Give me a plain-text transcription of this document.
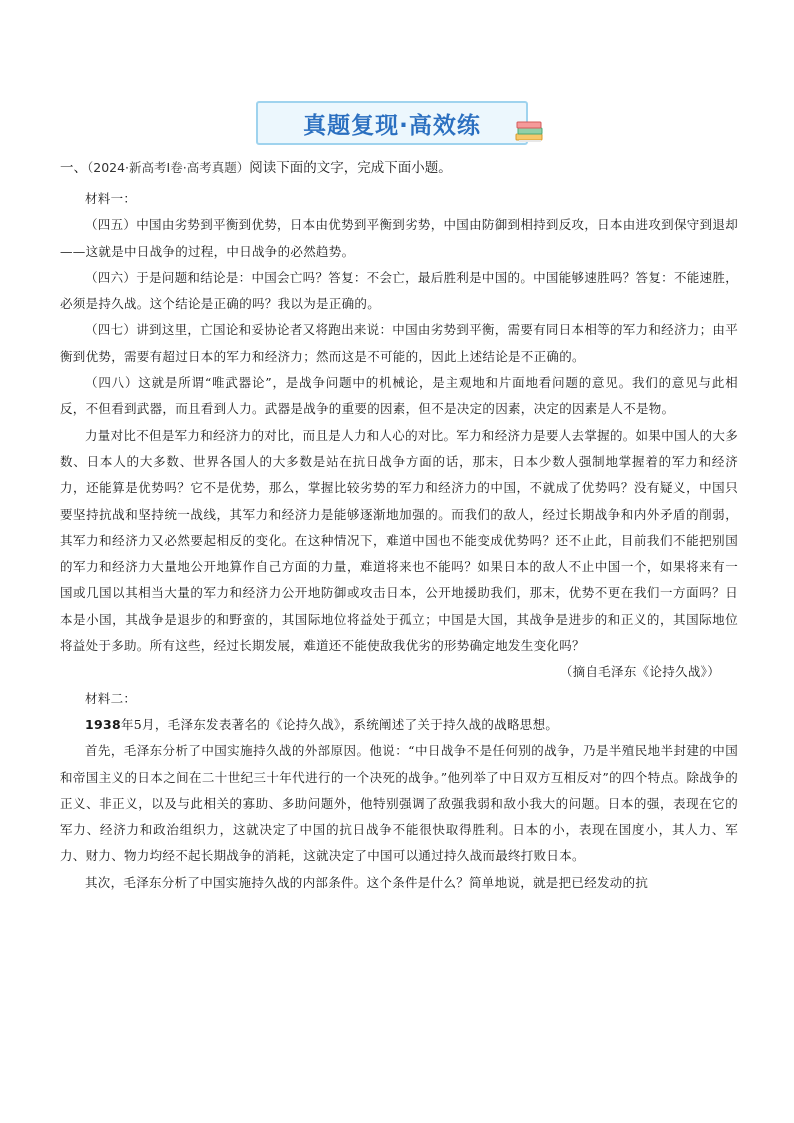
真题复现·高效练
一、（2024·新高考Ⅰ卷·高考真题）阅读下面的文字，完成下面小题。

材料一：

（四五）中国由劣势到平衡到优势，日本由优势到平衡到劣势，中国由防御到相持到反攻，日本由进攻到保守到退却——这就是中日战争的过程，中日战争的必然趋势。

（四六）于是问题和结论是：中国会亡吗？答复：不会亡，最后胜利是中国的。中国能够速胜吗？答复：不能速胜，必须是持久战。这个结论是正确的吗？我以为是正确的。

（四七）讲到这里，亡国论和妥协论者又将跑出来说：中国由劣势到平衡，需要有同日本相等的军力和经济力；由平衡到优势，需要有超过日本的军力和经济力；然而这是不可能的，因此上述结论是不正确的。

（四八）这就是所谓“唯武器论”，是战争问题中的机械论，是主观地和片面地看问题的意见。我们的意见与此相反，不但看到武器，而且看到人力。武器是战争的重要的因素，但不是决定的因素，决定的因素是人不是物。

力量对比不但是军力和经济力的对比，而且是人力和人心的对比。军力和经济力是要人去掌握的。如果中国人的大多数、日本人的大多数、世界各国人的大多数是站在抗日战争方面的话，那末，日本少数人强制地掌握着的军力和经济力，还能算是优势吗？它不是优势，那么，掌握比较劣势的军力和经济力的中国，不就成了优势吗？没有疑义，中国只要坚持抗战和坚持统一战线，其军力和经济力是能够逐渐地加强的。而我们的敌人，经过长期战争和内外矛盾的削弱，其军力和经济力又必然要起相反的变化。在这种情况下，难道中国也不能变成优势吗？还不止此，目前我们不能把别国的军力和经济力大量地公开地算作自己方面的力量，难道将来也不能吗？如果日本的敌人不止中国一个，如果将来有一国或几国以其相当大量的军力和经济力公开地防御或攻击日本，公开地援助我们，那末，优势不更在我们一方面吗？日本是小国，其战争是退步的和野蛮的，其国际地位将益处于孤立；中国是大国，其战争是进步的和正义的，其国际地位将益处于多助。所有这些，经过长期发展，难道还不能使敌我优劣的形势确定地发生变化吗？

（摘自毛泽东《论持久战》）

材料二：

1938年5月，毛泽东发表著名的《论持久战》，系统阐述了关于持久战的战略思想。

首先，毛泽东分析了中国实施持久战的外部原因。他说：“中日战争不是任何别的战争，乃是半殖民地半封建的中国和帝国主义的日本之间在二十世纪三十年代进行的一个决死的战争。”他列举了中日双方互相反对”的四个特点。除战争的正义、非正义，以及与此相关的寡助、多助问题外，他特别强调了敌强我弱和敌小我大的问题。日本的强，表现在它的军力、经济力和政治组织力，这就决定了中国的抗日战争不能很快取得胜利。日本的小，表现在国度小，其人力、军力、财力、物力均经不起长期战争的消耗，这就决定了中国可以通过持久战而最终打败日本。

其次，毛泽东分析了中国实施持久战的内部条件。这个条件是什么？简单地说，就是把已经发动的抗
